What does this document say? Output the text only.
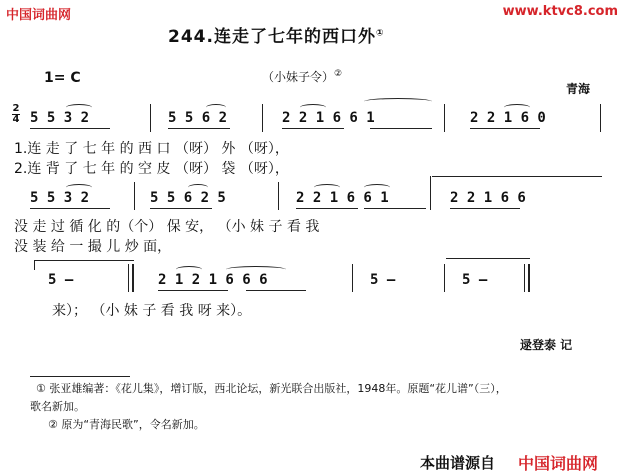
中国词曲网	www.ktvc8.com
244.连走了七年的西口外①
（小妹子令）②
1= C
青海
2
4 5 5 3 2	5 5 6 2	2 2 1 6 6 1	2 2 1 6 0
1.连 走 了 七 年 的 西 口 （呀） 外 （呀），
2.连 背 了 七 年 的 空 皮 （呀） 袋 （呀），
5 5 3 2	5 5 6 2 5	2 2 1 6 6 1	2 2 1 6 6
没 走 过 循 化 的（个） 保 安， （小 妹 子 看 我
没 装 给 一 撮 儿 炒 面，
5 —	2 1 2 1 6 6 6	5 —	5 —
来）； （小 妹 子 看 我 呀 来）。
逯登泰 记
① 张亚雄编著：《花儿集》，增订版，西北论坛，新光联合出版社，1948年。原题“花儿谱”（三），
歌名新加。
② 原为“青海民歌”，令名新加。
本曲谱源自 中国词曲网
